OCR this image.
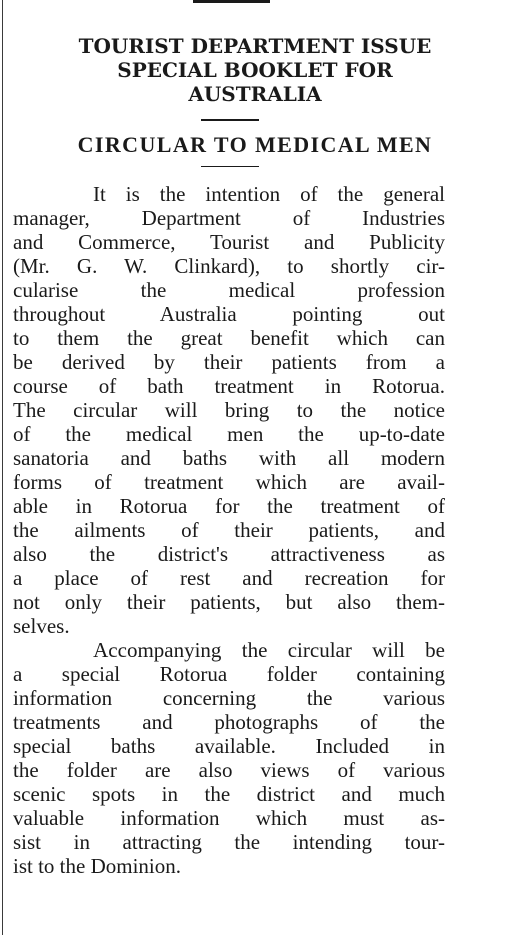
TOURIST DEPARTMENT ISSUE
SPECIAL BOOKLET FOR
AUSTRALIA
CIRCULAR TO MEDICAL MEN
It is the intention of the general
manager, Department of Industries
and Commerce, Tourist and Publicity
(Mr. G. W. Clinkard), to shortly cir-
cularise the medical profession
throughout Australia pointing out
to them the great benefit which can
be derived by their patients from a
course of bath treatment in Rotorua.
The circular will bring to the notice
of the medical men the up-to-date
sanatoria and baths with all modern
forms of treatment which are avail-
able in Rotorua for the treatment of
the ailments of their patients, and
also the district's attractiveness as
a place of rest and recreation for
not only their patients, but also them-
selves.
Accompanying the circular will be
a special Rotorua folder containing
information concerning the various
treatments and photographs of the
special baths available. Included in
the folder are also views of various
scenic spots in the district and much
valuable information which must as-
sist in attracting the intending tour-
ist to the Dominion.
